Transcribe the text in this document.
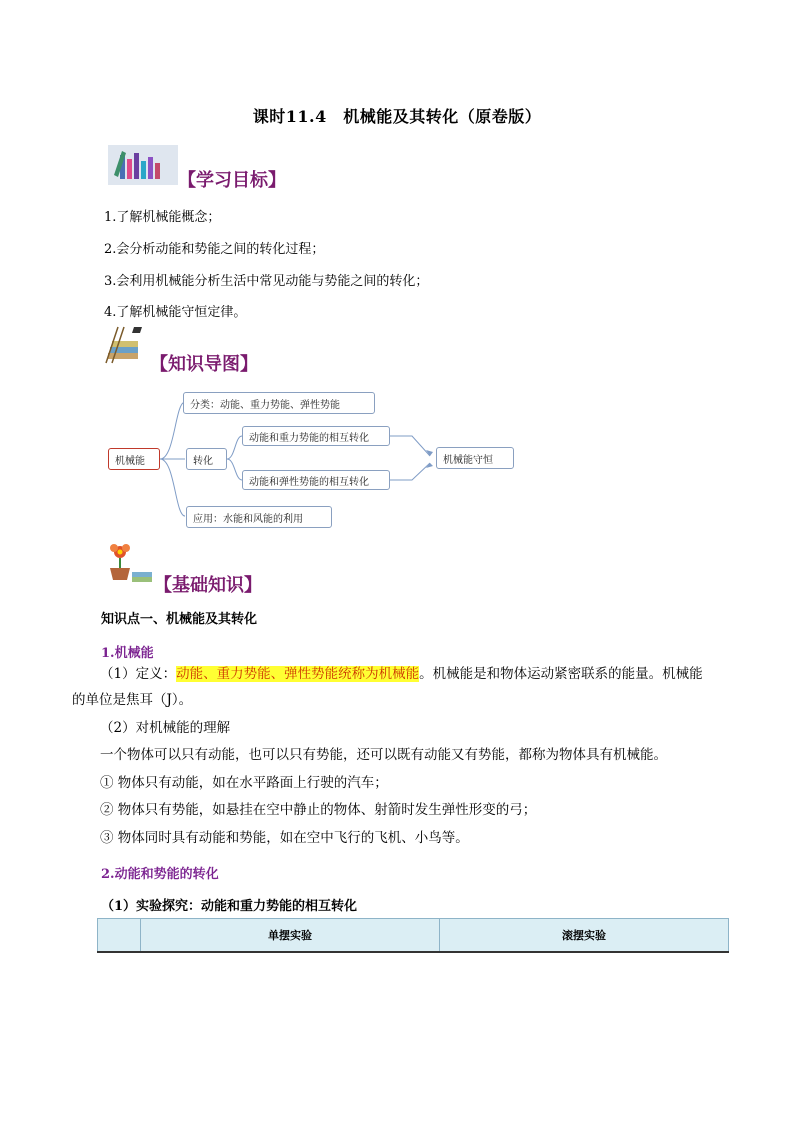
课时11.4　机械能及其转化（原卷版）
【学习目标】
1.了解机械能概念；
2.会分析动能和势能之间的转化过程；
3.会利用机械能分析生活中常见动能与势能之间的转化；
4.了解机械能守恒定律。
【知识导图】
机械能
分类：动能、重力势能、弹性势能
转化
动能和重力势能的相互转化
动能和弹性势能的相互转化
机械能守恒
应用：水能和风能的利用
【基础知识】
知识点一、机械能及其转化
1.机械能
（1）定义：动能、重力势能、弹性势能统称为机械能。机械能是和物体运动紧密联系的能量。机械能
的单位是焦耳（J）。
（2）对机械能的理解
一个物体可以只有动能，也可以只有势能，还可以既有动能又有势能，都称为物体具有机械能。
① 物体只有动能，如在水平路面上行驶的汽车；
② 物体只有势能，如悬挂在空中静止的物体、射箭时发生弹性形变的弓；
③ 物体同时具有动能和势能，如在空中飞行的飞机、小鸟等。
2.动能和势能的转化
（1）实验探究：动能和重力势能的相互转化
	单摆实验	滚摆实验
